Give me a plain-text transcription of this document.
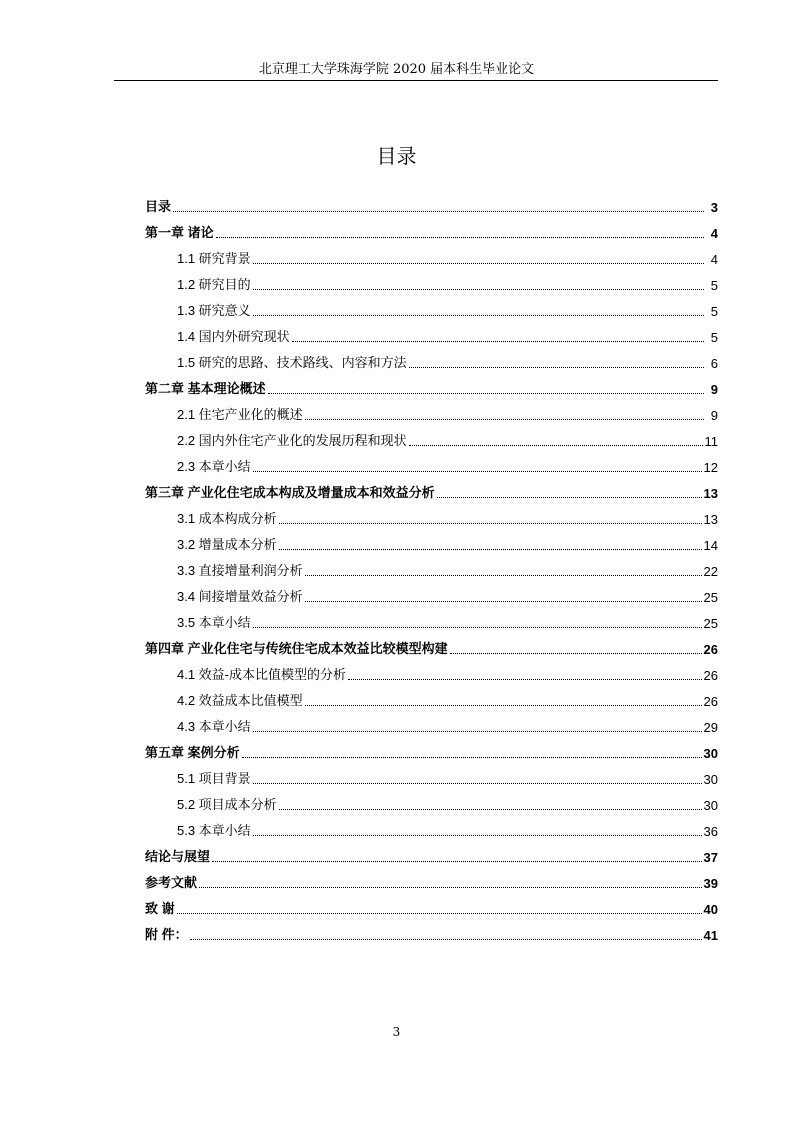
北京理工大学珠海学院 2020 届本科生毕业论文
目录
目录	3
第一章 诸论	4
1.1 研究背景	4
1.2 研究目的	5
1.3 研究意义	5
1.4 国内外研究现状	5
1.5 研究的思路、技术路线、内容和方法	6
第二章 基本理论概述	9
2.1 住宅产业化的概述	9
2.2 国内外住宅产业化的发展历程和现状	11
2.3 本章小结	12
第三章 产业化住宅成本构成及增量成本和效益分析	13
3.1 成本构成分析	13
3.2 增量成本分析	14
3.3 直接增量利润分析	22
3.4 间接增量效益分析	25
3.5 本章小结	25
第四章 产业化住宅与传统住宅成本效益比较模型构建	26
4.1 效益-成本比值模型的分析	26
4.2 效益成本比值模型	26
4.3 本章小结	29
第五章 案例分析	30
5.1 项目背景	30
5.2 项目成本分析	30
5.3 本章小结	36
结论与展望	37
参考文献	39
致 谢	40
附 件：	41
3
